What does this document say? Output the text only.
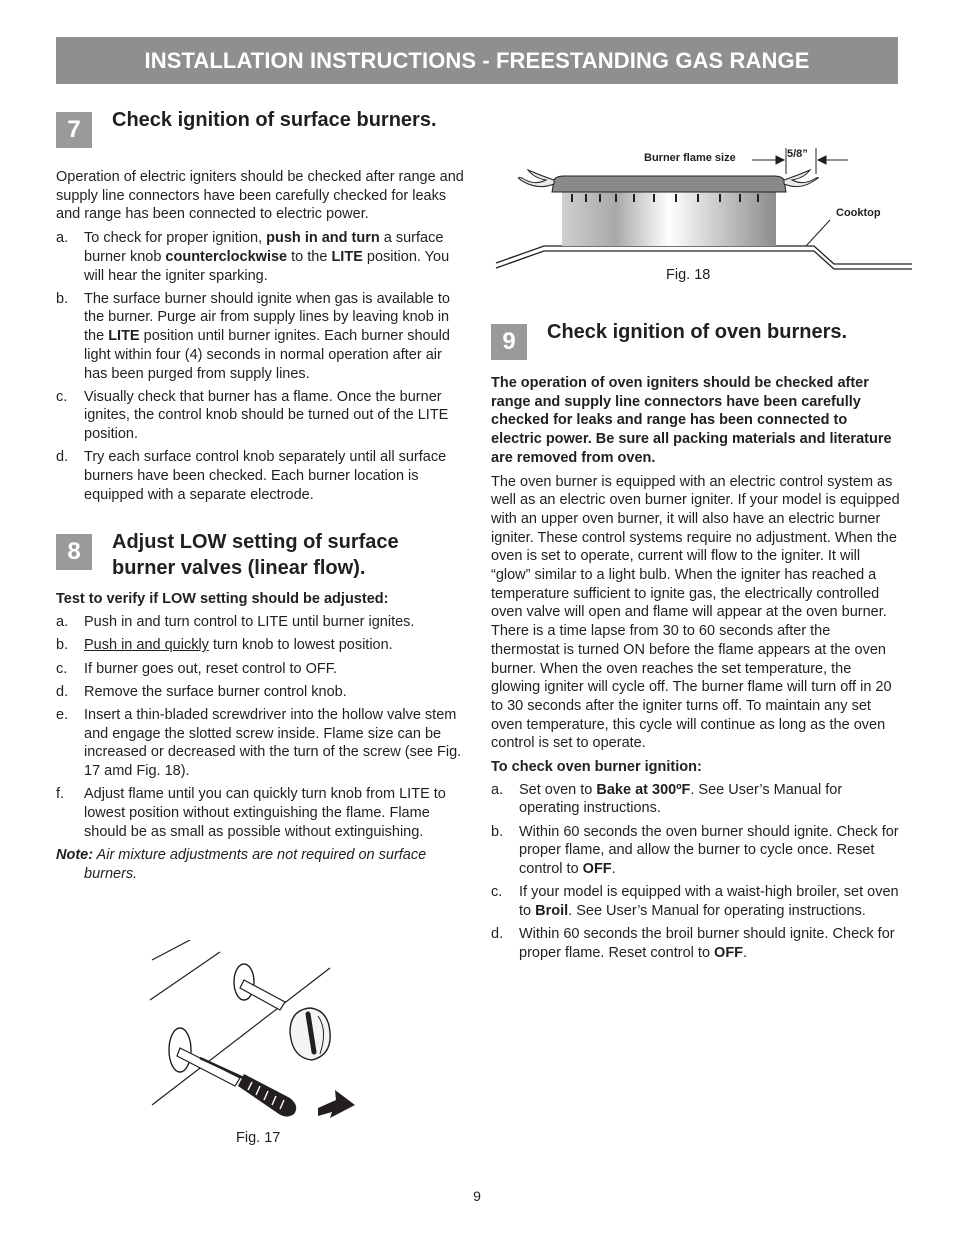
INSTALLATION INSTRUCTIONS - FREESTANDING GAS RANGE
7	Check ignition of surface burners.

Operation of electric igniters should be checked after range and supply line connectors have been carefully checked for leaks and range has been connected to electric power.

a. To check for proper ignition, push in and turn a surface burner knob counterclockwise to the LITE position. You will hear the igniter sparking.
b. The surface burner should ignite when gas is available to the burner. Purge air from supply lines by leaving knob in the LITE position until burner ignites. Each burner should light within four (4) seconds in normal operation after air has been purged from supply lines.
c. Visually check that burner has a flame. Once the burner ignites, the control knob should be turned out of the LITE position.
d. Try each surface control knob separately until all surface burners have been checked. Each burner location is equipped with a separate electrode.
8	Adjust LOW setting of surface burner valves (linear flow).
Test to verify if LOW setting should be adjusted:
a. Push in and turn control to LITE until burner ignites.
b. Push in and quickly turn knob to lowest position.
c. If burner goes out, reset control to OFF.
d. Remove the surface burner control knob.
e. Insert a thin-bladed screwdriver into the hollow valve stem and engage the slotted screw inside. Flame size can be increased or decreased with the turn of the screw (see Fig. 17 amd Fig. 18).
f. Adjust flame until you can quickly turn knob from LITE to lowest position without extinguishing the flame. Flame should be as small as possible without extinguishing.

Note: Air mixture adjustments are not required on surface burners.

Fig. 17
Burner flame size	5/8”
Cooktop
Fig. 18
9	Check ignition of oven burners.

The operation of oven igniters should be checked after range and supply line connectors have been carefully checked for leaks and range has been connected to electric power. Be sure all packing materials and literature are removed from oven.

The oven burner is equipped with an electric control system as well as an electric oven burner igniter. If your model is equipped with an upper oven burner, it will also have an electric burner igniter. These control systems require no adjustment. When the oven is set to operate, current will flow to the igniter. It will “glow” similar to a light bulb. When the igniter has reached a temperature sufficient to ignite gas, the electrically controlled oven valve will open and flame will appear at the oven burner. There is a time lapse from 30 to 60 seconds after the thermostat is turned ON before the flame appears at the oven burner. When the oven reaches the set temperature, the glowing igniter will cycle off. The burner flame will turn off in 20 to 30 seconds after the igniter turns off. To maintain any set oven temperature, this cycle will continue as long as the oven control is set to operate.

To check oven burner ignition:
a. Set oven to Bake at 300ºF. See User’s Manual for operating instructions.
b. Within 60 seconds the oven burner should ignite. Check for proper flame, and allow the burner to cycle once. Reset control to OFF.
c. If your model is equipped with a waist-high broiler, set oven to Broil. See User’s Manual for operating instructions.
d. Within 60 seconds the broil burner should ignite. Check for proper flame. Reset control to OFF.
9
